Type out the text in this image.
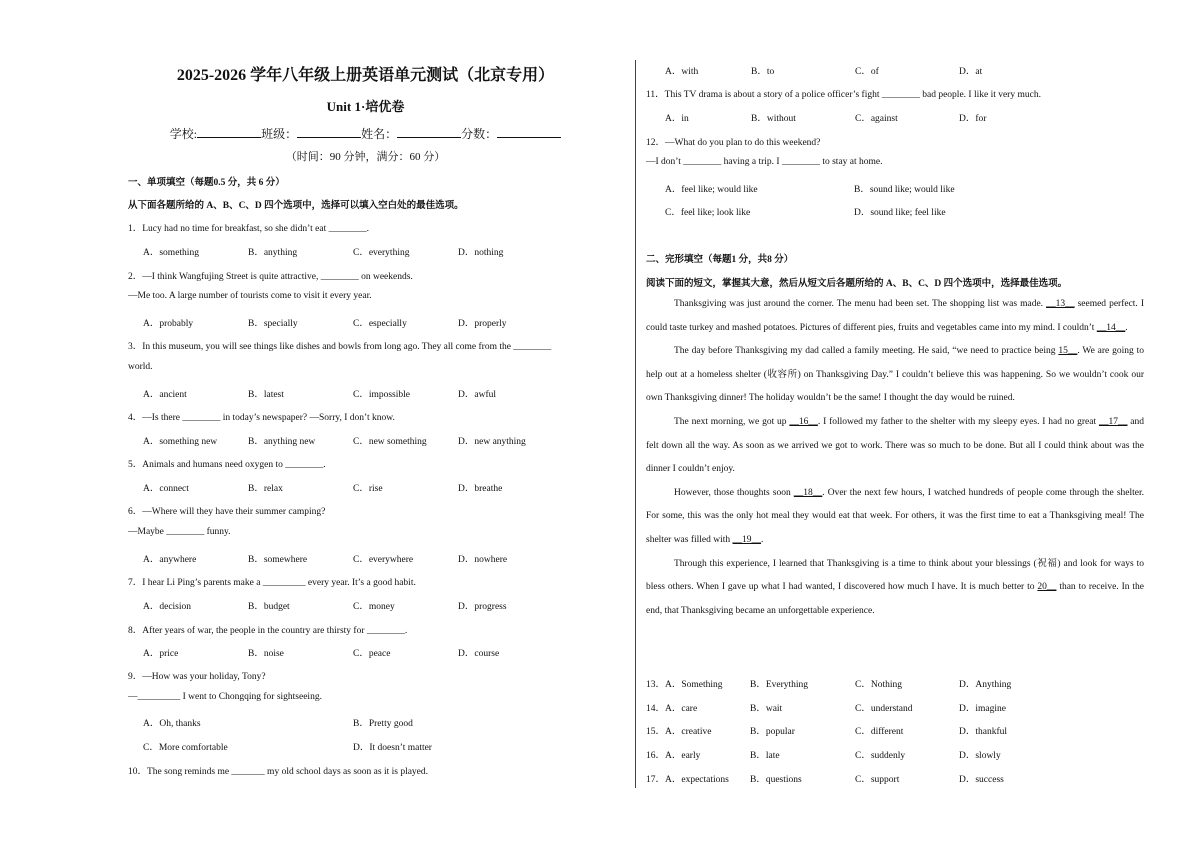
2025-2026 学年八年级上册英语单元测试（北京专用）
Unit 1·培优卷
学校:	班级：	姓名：	分数：
（时间：90 分钟，满分：60 分）
一、单项填空（每题0.5 分，共 6 分）
从下面各题所给的 A、B、C、D 四个选项中，选择可以填入空白处的最佳选项。
1．Lucy had no time for breakfast, so she didn’t eat ________.
A．something	B．anything	C．everything	D．nothing
2．—I think Wangfujing Street is quite attractive, ________ on weekends.
—Me too. A large number of tourists come to visit it every year.
A．probably	B．specially	C．especially	D．properly
3．In this museum, you will see things like dishes and bowls from long ago. They all come from the ________
world.
A．ancient	B．latest	C．impossible	D．awful
4．—Is there ________ in today’s newspaper? —Sorry, I don’t know.
A．something new	B．anything new	C．new something	D．new anything
5．Animals and humans need oxygen to ________.
A．connect	B．relax	C．rise	D．breathe
6．—Where will they have their summer camping?
—Maybe ________ funny.
A．anywhere	B．somewhere	C．everywhere	D．nowhere
7．I hear Li Ping’s parents make a _________ every year. It’s a good habit.
A．decision	B．budget	C．money	D．progress
8．After years of war, the people in the country are thirsty for ________.
A．price	B．noise	C．peace	D．course
9．—How was your holiday, Tony?
—_________ I went to Chongqing for sightseeing.
A．Oh, thanks	B．Pretty good
C．More comfortable	D．It doesn’t matter
10．The song reminds me _______ my old school days as soon as it is played.
A．with	B．to	C．of	D．at
11．This TV drama is about a story of a police officer’s fight ________ bad people. I like it very much.
A．in	B．without	C．against	D．for
12．—What do you plan to do this weekend?
—I don’t ________ having a trip. I ________ to stay at home.
A．feel like; would like	B．sound like; would like
C．feel like; look like	D．sound like; feel like
二、完形填空（每题1 分，共8 分）
阅读下面的短文，掌握其大意，然后从短文后各题所给的 A、B、C、D 四个选项中，选择最佳选项。

Thanksgiving was just around the corner. The menu had been set. The shopping list was made. __13__ seemed perfect. I could taste turkey and mashed potatoes. Pictures of different pies, fruits and vegetables came into my mind. I couldn’t __14__.

The day before Thanksgiving my dad called a family meeting. He said, “we need to practice being 15__. We are going to help out at a homeless shelter (收容所) on Thanksgiving Day.” I couldn’t believe this was happening. So we wouldn’t cook our own Thanksgiving dinner! The holiday wouldn’t be the same! I thought the day would be ruined.

The next morning, we got up __16__. I followed my father to the shelter with my sleepy eyes. I had no great __17__ and felt down all the way. As soon as we arrived we got to work. There was so much to be done. But all I could think about was the dinner I couldn’t enjoy.

However, those thoughts soon __18__. Over the next few hours, I watched hundreds of people come through the shelter. For some, this was the only hot meal they would eat that week. For others, it was the first time to eat a Thanksgiving meal! The shelter was filled with __19__.

Through this experience, I learned that Thanksgiving is a time to think about your blessings (祝福) and look for ways to bless others. When I gave up what I had wanted, I discovered how much I have. It is much better to 20__ than to receive. In the end, that Thanksgiving became an unforgettable experience.

13．A．Something	B．Everything	C．Nothing	D．Anything
14．A．care	B．wait	C．understand	D．imagine
15．A．creative	B．popular	C．different	D．thankful
16．A．early	B．late	C．suddenly	D．slowly
17．A．expectations B．questions	C．support	D．success
